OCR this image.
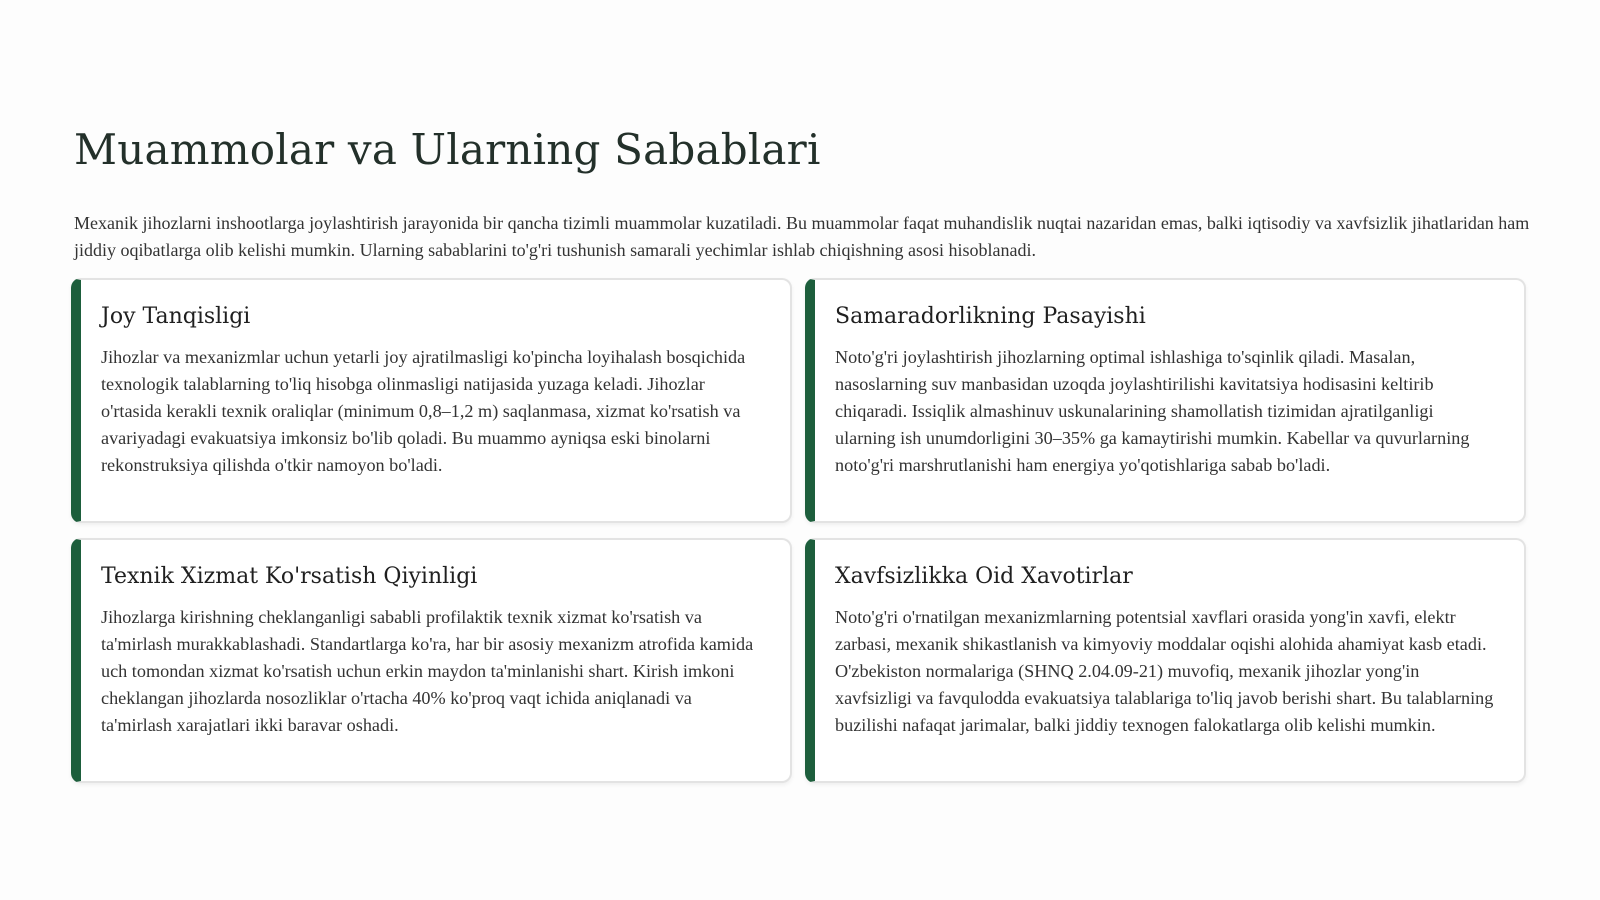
Muammolar va Ularning Sabablari

Mexanik jihozlarni inshootlarga joylashtirish jarayonida bir qancha tizimli muammolar kuzatiladi. Bu muammolar faqat muhandislik nuqtai nazaridan emas, balki iqtisodiy va xavfsizlik jihatlaridan ham jiddiy oqibatlarga olib kelishi mumkin. Ularning sabablarini to'g'ri tushunish samarali yechimlar ishlab chiqishning asosi hisoblanadi.

Joy Tanqisligi

Jihozlar va mexanizmlar uchun yetarli joy ajratilmasligi ko'pincha loyihalash bosqichida texnologik talablarning to'liq hisobga olinmasligi natijasida yuzaga keladi. Jihozlar o'rtasida kerakli texnik oraliqlar (minimum 0,8–1,2 m) saqlanmasa, xizmat ko'rsatish va avariyadagi evakuatsiya imkonsiz bo'lib qoladi. Bu muammo ayniqsa eski binolarni rekonstruksiya qilishda o'tkir namoyon bo'ladi.

Samaradorlikning Pasayishi

Noto'g'ri joylashtirish jihozlarning optimal ishlashiga to'sqinlik qiladi. Masalan, nasoslarning suv manbasidan uzoqda joylashtirilishi kavitatsiya hodisasini keltirib chiqaradi. Issiqlik almashinuv uskunalarining shamollatish tizimidan ajratilganligi ularning ish unumdorligini 30–35% ga kamaytirishi mumkin. Kabellar va quvurlarning noto'g'ri marshrutlanishi ham energiya yo'qotishlariga sabab bo'ladi.

Texnik Xizmat Ko'rsatish Qiyinligi

Jihozlarga kirishning cheklanganligi sababli profilaktik texnik xizmat ko'rsatish va ta'mirlash murakkablashadi. Standartlarga ko'ra, har bir asosiy mexanizm atrofida kamida uch tomondan xizmat ko'rsatish uchun erkin maydon ta'minlanishi shart. Kirish imkoni cheklangan jihozlarda nosozliklar o'rtacha 40% ko'proq vaqt ichida aniqlanadi va ta'mirlash xarajatlari ikki baravar oshadi.

Xavfsizlikka Oid Xavotirlar

Noto'g'ri o'rnatilgan mexanizmlarning potentsial xavflari orasida yong'in xavfi, elektr zarbasi, mexanik shikastlanish va kimyoviy moddalar oqishi alohida ahamiyat kasb etadi. O'zbekiston normalariga (SHNQ 2.04.09-21) muvofiq, mexanik jihozlar yong'in xavfsizligi va favqulodda evakuatsiya talablariga to'liq javob berishi shart. Bu talablarning buzilishi nafaqat jarimalar, balki jiddiy texnogen falokatlarga olib kelishi mumkin.
